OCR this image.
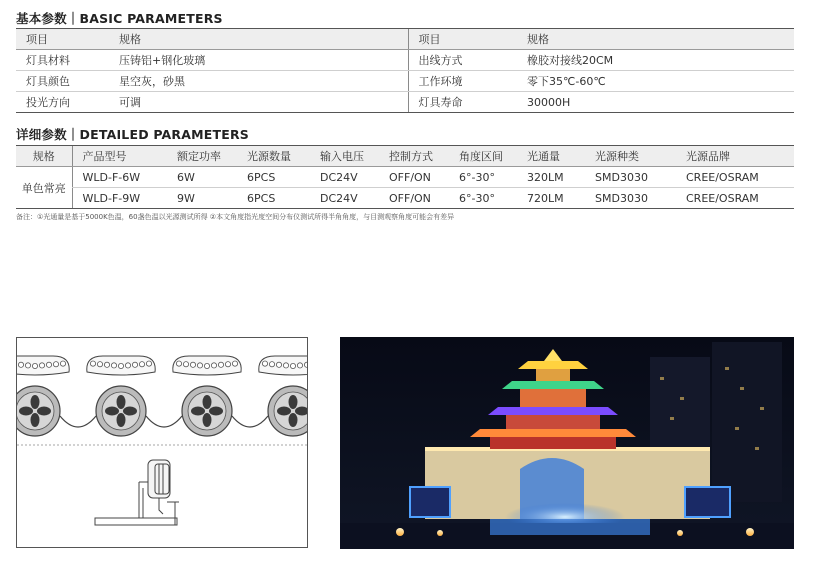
基本参数｜BASIC PARAMETERS
项目	规格	项目	规格
灯具材料	压铸铝+钢化玻璃	出线方式	橡胶对接线20CM
灯具颜色	星空灰，砂黑	工作环境	零下35℃-60℃
投光方向	可调	灯具寿命	30000H
详细参数｜DETAILED PARAMETERS
规格	产品型号	额定功率	光源数量	输入电压	控制方式	角度区间	光通量	光源种类	光源品牌
单色常亮	WLD-F-6W	6W	6PCS	DC24V	OFF/ON	6°-30°	320LM	SMD3030	CREE/OSRAM
	WLD-F-9W	9W	6PCS	DC24V	OFF/ON	6°-30°	720LM	SMD3030	CREE/OSRAM
备注：①光通量是基于5000K色温，60盏色温以光源测试所得 ②本文角度指光度空间分布仪测试所得半角角度，与目测观察角度可能会有差异
